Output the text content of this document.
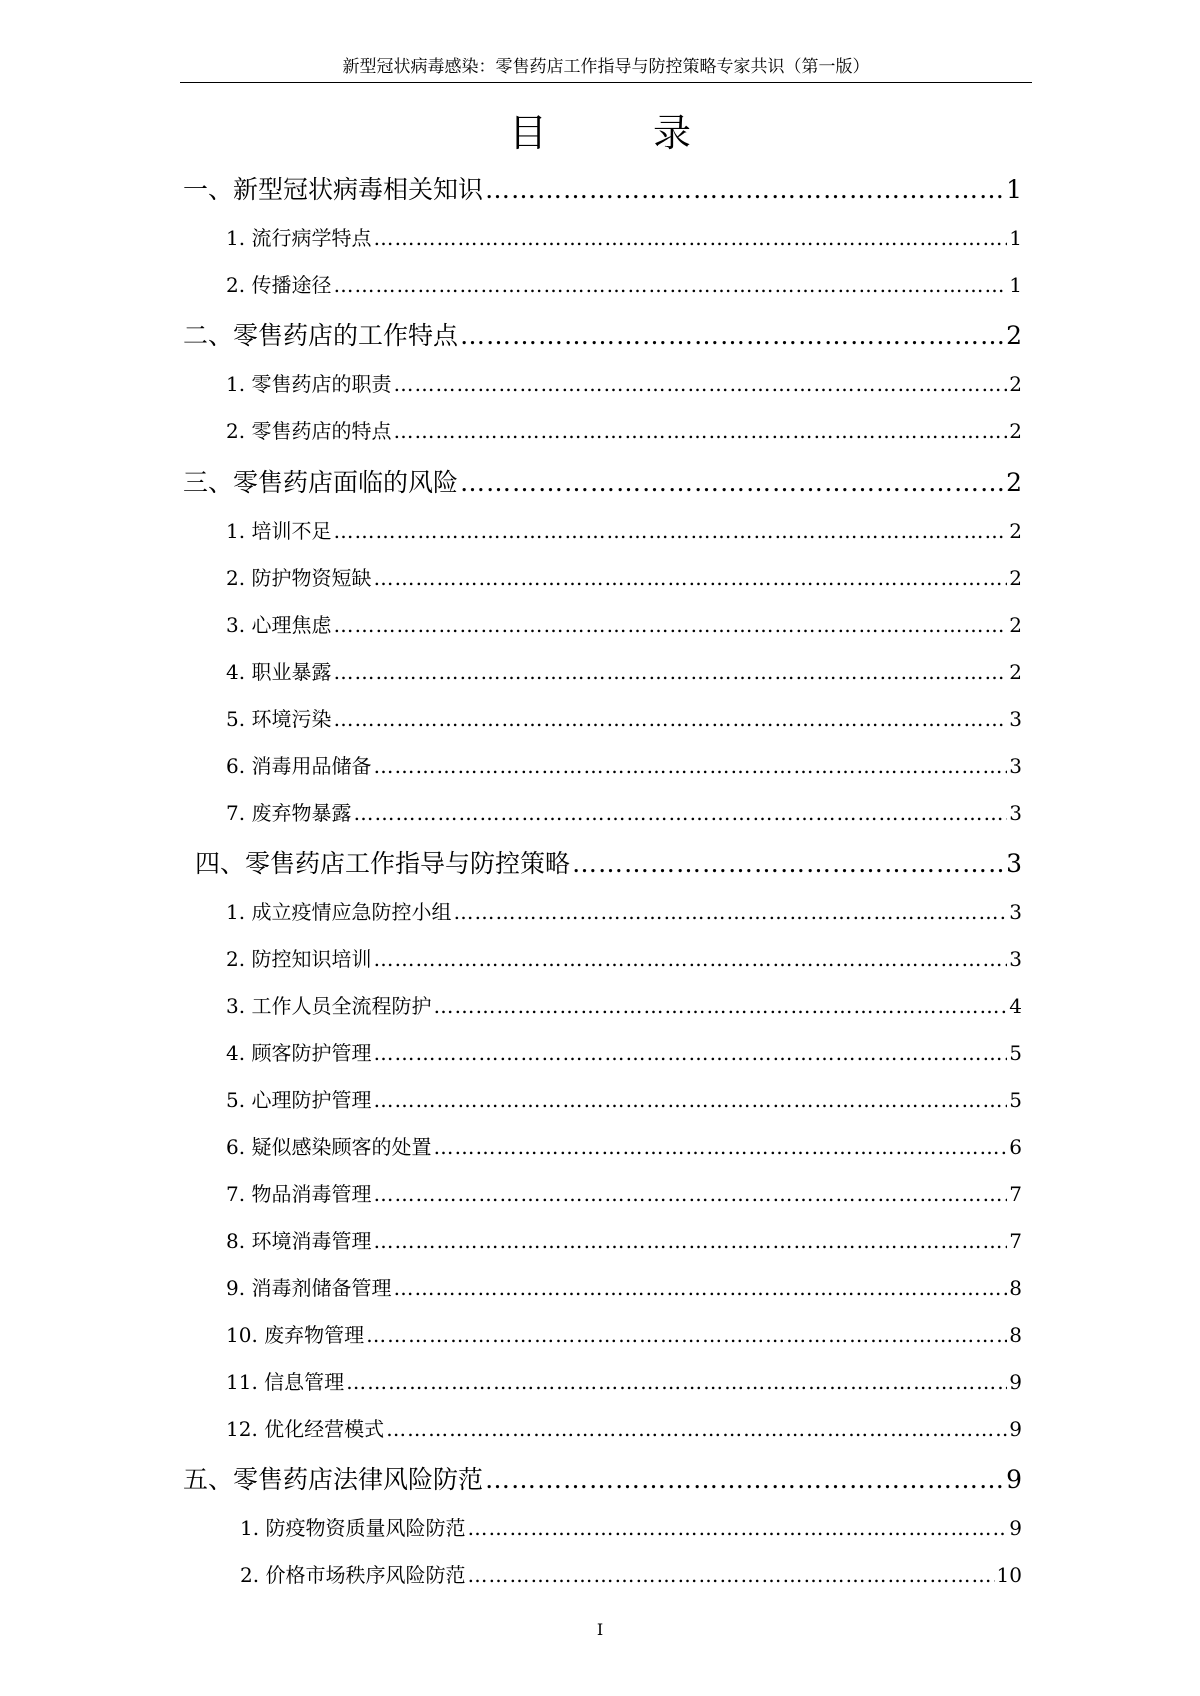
新型冠状病毒感染：零售药店工作指导与防控策略专家共识（第一版）
目　录
一、新型冠状病毒相关知识 ……………………………………………………………………………………………………………………………………………………………………………………………………………………	1
1. 流行病学特点 ……………………………………………………………………………………………………………………………………………………………………………………………………………………	1
2. 传播途径 ……………………………………………………………………………………………………………………………………………………………………………………………………………………	1
二、零售药店的工作特点 ……………………………………………………………………………………………………………………………………………………………………………………………………………………	2
1. 零售药店的职责 ……………………………………………………………………………………………………………………………………………………………………………………………………………………	2
2. 零售药店的特点 ……………………………………………………………………………………………………………………………………………………………………………………………………………………	2
三、零售药店面临的风险 ……………………………………………………………………………………………………………………………………………………………………………………………………………………	2
1. 培训不足 ……………………………………………………………………………………………………………………………………………………………………………………………………………………	2
2. 防护物资短缺 ……………………………………………………………………………………………………………………………………………………………………………………………………………………	2
3. 心理焦虑 ……………………………………………………………………………………………………………………………………………………………………………………………………………………	2
4. 职业暴露 ……………………………………………………………………………………………………………………………………………………………………………………………………………………	2
5. 环境污染 ……………………………………………………………………………………………………………………………………………………………………………………………………………………	3
6. 消毒用品储备 ……………………………………………………………………………………………………………………………………………………………………………………………………………………	3
7. 废弃物暴露 ……………………………………………………………………………………………………………………………………………………………………………………………………………………	3
四、零售药店工作指导与防控策略 ……………………………………………………………………………………………………………………………………………………………………………………………………………………	3
1. 成立疫情应急防控小组 ……………………………………………………………………………………………………………………………………………………………………………………………………………………	3
2. 防控知识培训 ……………………………………………………………………………………………………………………………………………………………………………………………………………………	3
3. 工作人员全流程防护 ……………………………………………………………………………………………………………………………………………………………………………………………………………………	4
4. 顾客防护管理 ……………………………………………………………………………………………………………………………………………………………………………………………………………………	5
5. 心理防护管理 ……………………………………………………………………………………………………………………………………………………………………………………………………………………	5
6. 疑似感染顾客的处置 ……………………………………………………………………………………………………………………………………………………………………………………………………………………	6
7. 物品消毒管理 ……………………………………………………………………………………………………………………………………………………………………………………………………………………	7
8. 环境消毒管理 ……………………………………………………………………………………………………………………………………………………………………………………………………………………	7
9. 消毒剂储备管理 ……………………………………………………………………………………………………………………………………………………………………………………………………………………	8
10. 废弃物管理 ……………………………………………………………………………………………………………………………………………………………………………………………………………………	8
11. 信息管理 ……………………………………………………………………………………………………………………………………………………………………………………………………………………	9
12. 优化经营模式 ……………………………………………………………………………………………………………………………………………………………………………………………………………………	9
五、零售药店法律风险防范 ……………………………………………………………………………………………………………………………………………………………………………………………………………………	9
1. 防疫物资质量风险防范 ……………………………………………………………………………………………………………………………………………………………………………………………………………………	9
2. 价格市场秩序风险防范 ……………………………………………………………………………………………………………………………………………………………………………………………………………………	10
I
